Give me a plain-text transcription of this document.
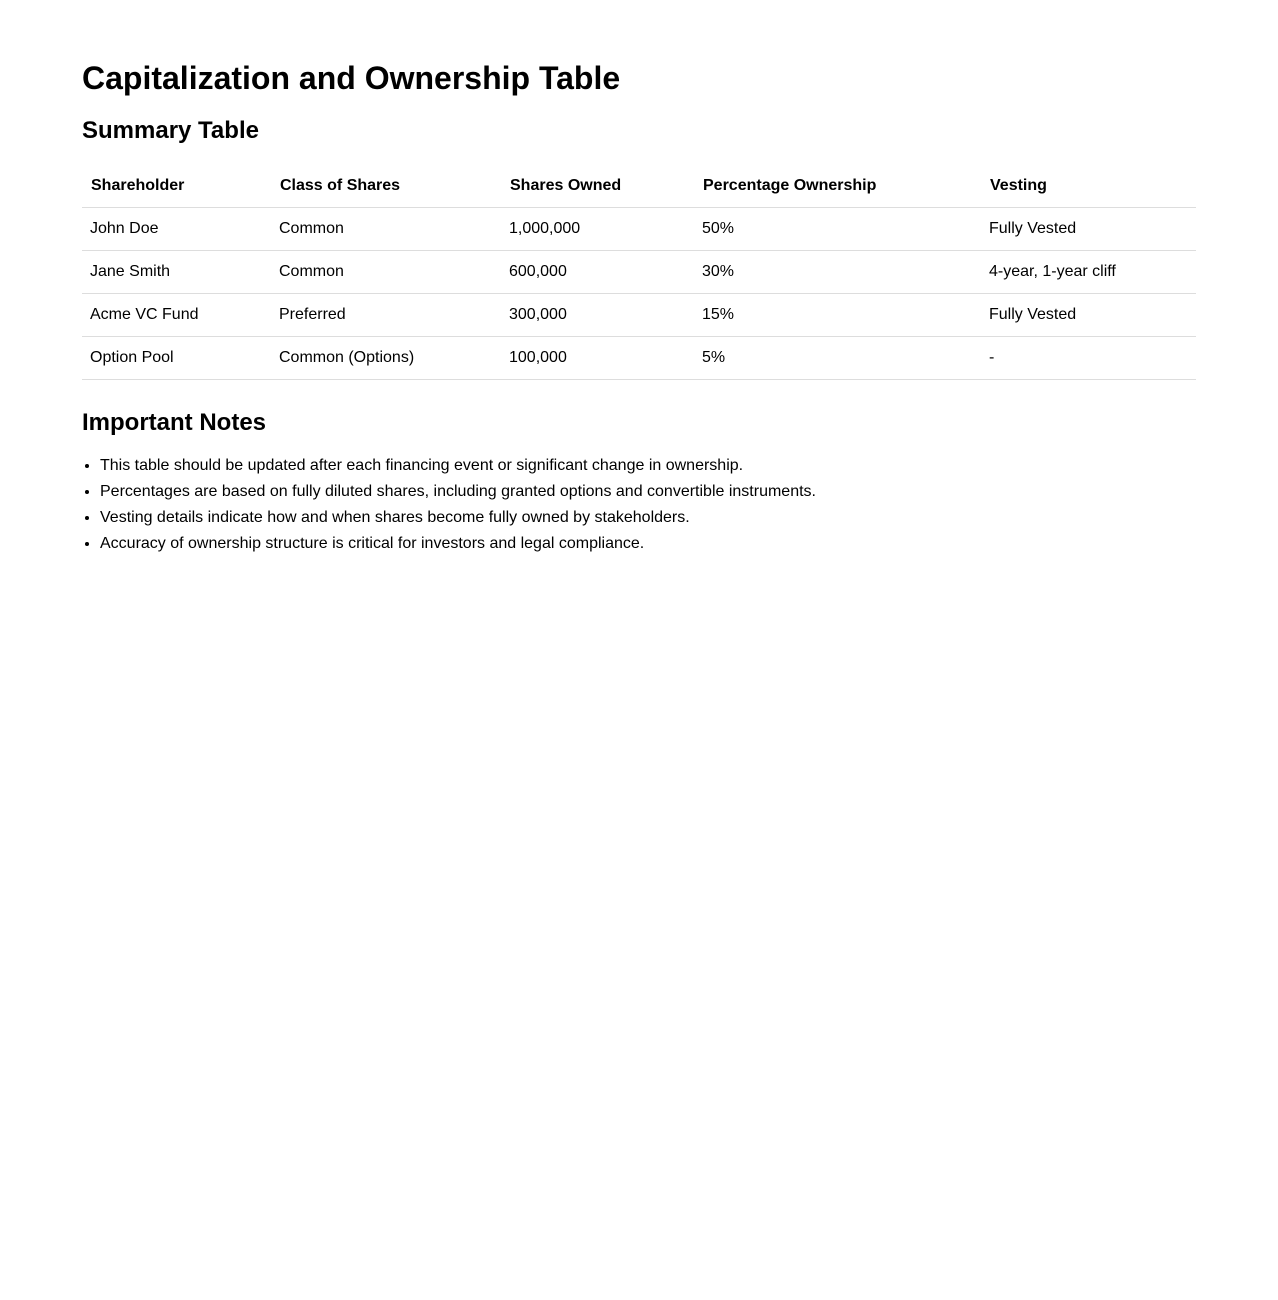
Capitalization and Ownership Table
Summary Table
Shareholder	Class of Shares	Shares Owned	Percentage Ownership	Vesting
John Doe	Common	1,000,000	50%	Fully Vested
Jane Smith	Common	600,000	30%	4-year, 1-year cliff
Acme VC Fund	Preferred	300,000	15%	Fully Vested
Option Pool	Common (Options)	100,000	5%	-
Important Notes
• This table should be updated after each financing event or significant change in ownership.
• Percentages are based on fully diluted shares, including granted options and convertible instruments.
• Vesting details indicate how and when shares become fully owned by stakeholders.
• Accuracy of ownership structure is critical for investors and legal compliance.
